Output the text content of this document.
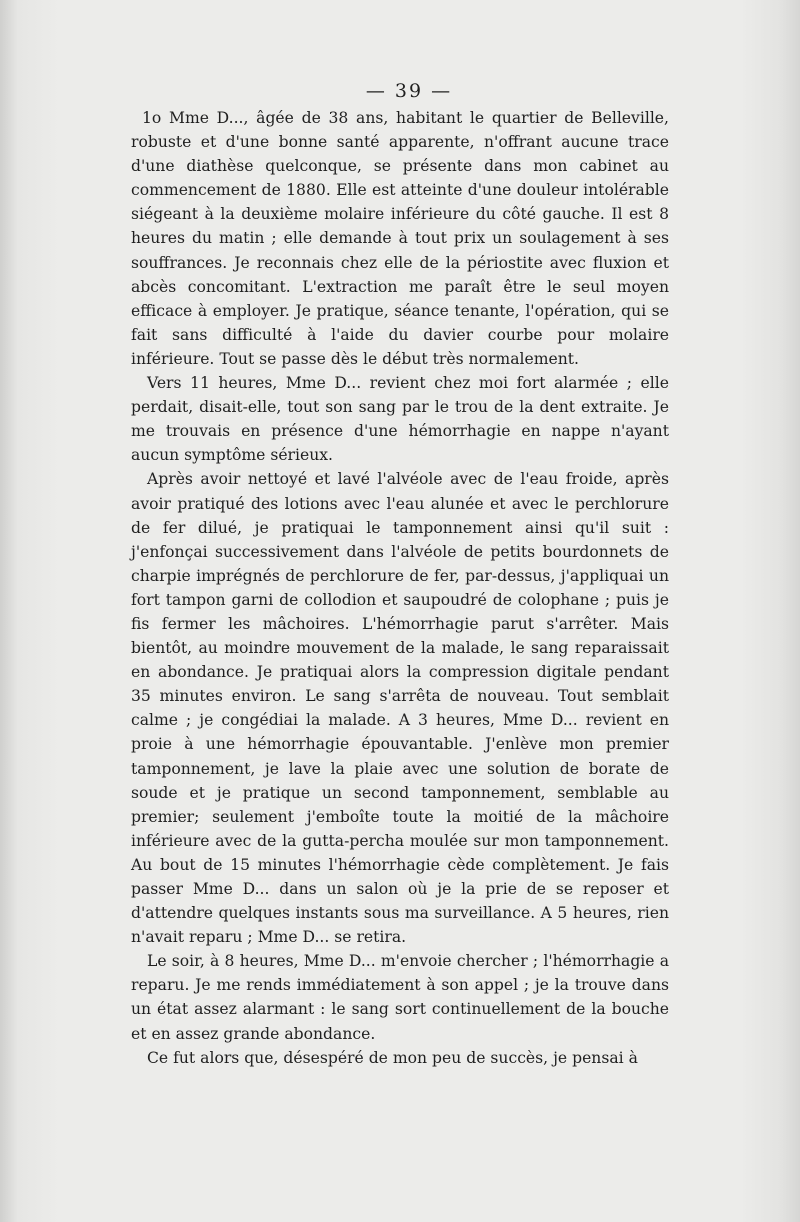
— 39 —

1o Mme D..., âgée de 38 ans, habitant le quartier de Belleville, robuste et d'une bonne santé apparente, n'offrant aucune trace d'une diathèse quelconque, se présente dans mon cabinet au commencement de 1880. Elle est atteinte d'une douleur intolérable siégeant à la deuxième molaire inférieure du côté gauche. Il est 8 heures du matin ; elle demande à tout prix un soulagement à ses souffrances. Je reconnais chez elle de la périostite avec fluxion et abcès concomitant. L'extraction me paraît être le seul moyen efficace à employer. Je pratique, séance tenante, l'opération, qui se fait sans difficulté à l'aide du davier courbe pour molaire inférieure. Tout se passe dès le début très normalement.

Vers 11 heures, Mme D... revient chez moi fort alarmée ; elle perdait, disait-elle, tout son sang par le trou de la dent extraite. Je me trouvais en présence d'une hémorrhagie en nappe n'ayant aucun symptôme sérieux.

Après avoir nettoyé et lavé l'alvéole avec de l'eau froide, après avoir pratiqué des lotions avec l'eau alunée et avec le perchlorure de fer dilué, je pratiquai le tamponnement ainsi qu'il suit : j'enfonçai successivement dans l'alvéole de petits bourdonnets de charpie imprégnés de perchlorure de fer, par-dessus, j'appliquai un fort tampon garni de collodion et saupoudré de colophane ; puis je fis fermer les mâchoires. L'hémorrhagie parut s'arrêter. Mais bientôt, au moindre mouvement de la malade, le sang reparaissait en abondance. Je pratiquai alors la compression digitale pendant 35 minutes environ. Le sang s'arrêta de nouveau. Tout semblait calme ; je congédiai la malade. A 3 heures, Mme D... revient en proie à une hémorrhagie épouvantable. J'enlève mon premier tamponnement, je lave la plaie avec une solution de borate de soude et je pratique un second tamponnement, semblable au premier; seulement j'emboîte toute la moitié de la mâchoire inférieure avec de la gutta-percha moulée sur mon tamponnement. Au bout de 15 minutes l'hémorrhagie cède complètement. Je fais passer Mme D... dans un salon où je la prie de se reposer et d'attendre quelques instants sous ma surveillance. A 5 heures, rien n'avait reparu ; Mme D... se retira.

Le soir, à 8 heures, Mme D... m'envoie chercher ; l'hémorrhagie a reparu. Je me rends immédiatement à son appel ; je la trouve dans un état assez alarmant : le sang sort continuellement de la bouche et en assez grande abondance.

Ce fut alors que, désespéré de mon peu de succès, je pensai à
